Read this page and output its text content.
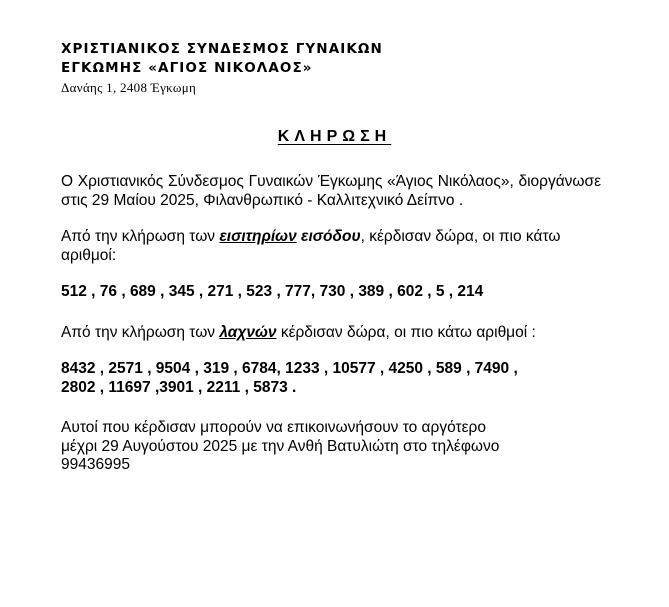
ΧΡΙΣΤΙΑΝΙΚΟΣ ΣΥΝΔΕΣΜΟΣ ΓΥΝΑΙΚΩΝ
ΕΓΚΩΜΗΣ «ΑΓΙΟΣ ΝΙΚΟΛΑΟΣ»
Δανάης 1, 2408 Έγκωμη
ΚΛΗΡΩΣΗ

Ο Χριστιανικός Σύνδεσμος Γυναικών Έγκωμης «Άγιος Νικόλαος», διοργάνωσε στις 29 Μαίου 2025, Φιλανθρωπικό - Καλλιτεχνικό Δείπνο .

Από την κλήρωση των εισιτηρίων εισόδου, κέρδισαν δώρα, οι πιο κάτω αριθμοί:

512 , 76 , 689 , 345 , 271 , 523 , 777, 730 , 389 , 602 , 5 , 214

Από την κλήρωση των λαχνών κέρδισαν δώρα, οι πιο κάτω αριθμοί :

8432 , 2571 , 9504 , 319 , 6784, 1233 , 10577 , 4250 , 589 , 7490 ,
2802 , 11697 ,3901 , 2211 , 5873 .

Αυτοί που κέρδισαν μπορούν να επικοινωνήσουν το αργότερο
μέχρι 29 Αυγούστου 2025 με την Ανθή Βατυλιώτη στο τηλέφωνο
99436995
